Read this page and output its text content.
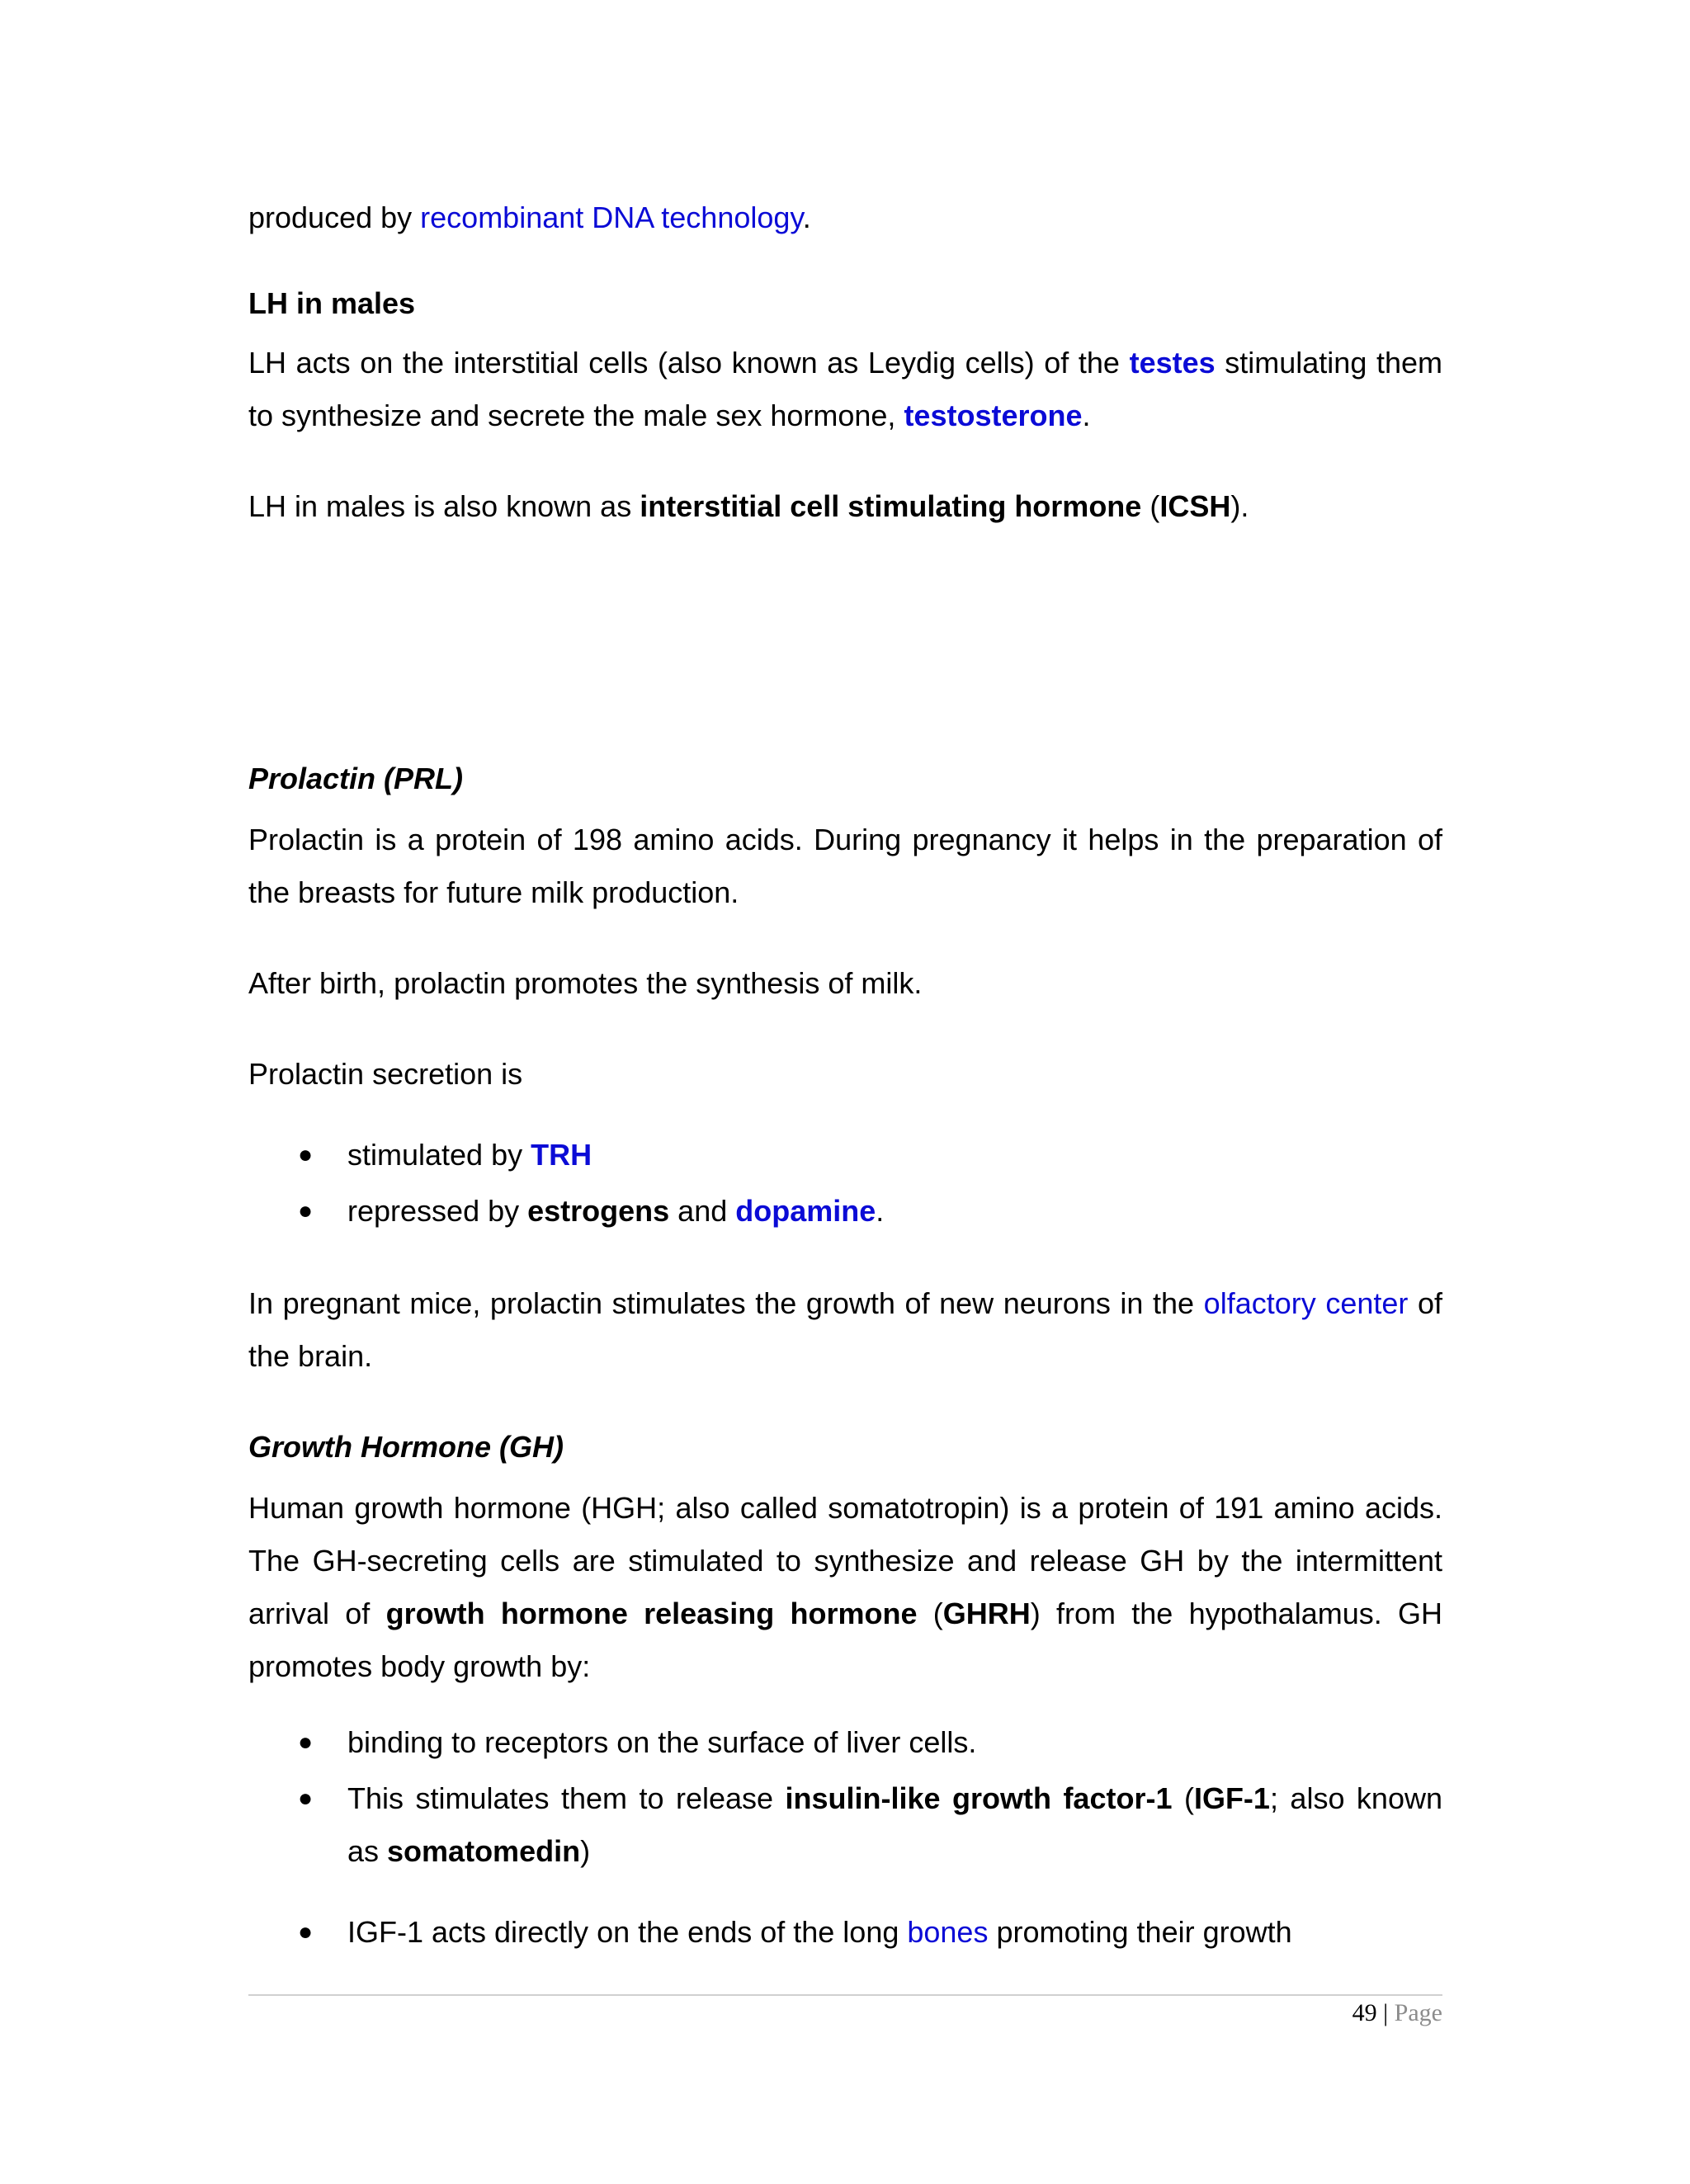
produced by recombinant DNA technology.

LH in males

LH acts on the interstitial cells (also known as Leydig cells) of the testes stimulating them to synthesize and secrete the male sex hormone, testosterone.

LH in males is also known as interstitial cell stimulating hormone (ICSH).

Prolactin (PRL)

Prolactin is a protein of 198 amino acids. During pregnancy it helps in the preparation of the breasts for future milk production.

After birth, prolactin promotes the synthesis of milk.

Prolactin secretion is

● stimulated by TRH
● repressed by estrogens and dopamine.

In pregnant mice, prolactin stimulates the growth of new neurons in the olfactory center of the brain.

Growth Hormone (GH)

Human growth hormone (HGH; also called somatotropin) is a protein of 191 amino acids. The GH-secreting cells are stimulated to synthesize and release GH by the intermittent arrival of growth hormone releasing hormone (GHRH) from the hypothalamus. GH promotes body growth by:

● binding to receptors on the surface of liver cells.
● This stimulates them to release insulin-like growth factor-1 (IGF-1; also known as somatomedin)
● IGF-1 acts directly on the ends of the long bones promoting their growth
49 | Page
